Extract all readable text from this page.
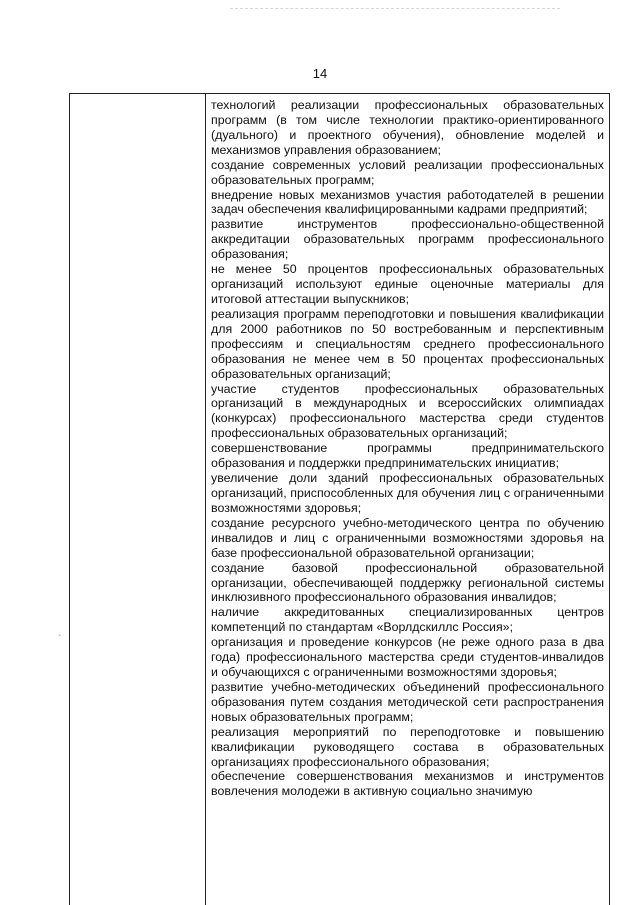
14
`

технологий реализации профессиональных образовательных программ (в том числе технологии практико-ориентированного (дуального) и проектного обучения), обновление моделей и механизмов управления образованием;

создание современных условий реализации профессиональных образовательных программ;

внедрение новых механизмов участия работодателей в решении задач обеспечения квалифицированными кадрами предприятий;

развитие инструментов профессионально-общественной аккредитации образовательных программ профессионального образования;

не менее 50 процентов профессиональных образовательных организаций используют единые оценочные материалы для итоговой аттестации выпускников;

реализация программ переподготовки и повышения квалификации для 2000 работников по 50 востребованным и перспективным профессиям и специальностям среднего профессионального образования не менее чем в 50 процентах профессиональных образовательных организаций;

участие студентов профессиональных образовательных организаций в международных и всероссийских олимпиадах (конкурсах) профессионального мастерства среди студентов профессиональных образовательных организаций;

совершенствование программы предпринимательского образования и поддержки предпринимательских инициатив;

увеличение доли зданий профессиональных образовательных организаций, приспособленных для обучения лиц с ограниченными возможностями здоровья;

создание ресурсного учебно-методического центра по обучению инвалидов и лиц с ограниченными возможностями здоровья на базе профессиональной образовательной организации;

создание базовой профессиональной образовательной организации, обеспечивающей поддержку региональной системы инклюзивного профессионального образования инвалидов;

наличие аккредитованных специализированных центров компетенций по стандартам «Ворлдскиллс Россия»;

организация и проведение конкурсов (не реже одного раза в два года) профессионального мастерства среди студентов-инвалидов и обучающихся с ограниченными возможностями здоровья;

развитие учебно-методических объединений профессионального образования путем создания методической сети распространения новых образовательных программ;

реализация мероприятий по переподготовке и повышению квалификации руководящего состава в образовательных организациях профессионального образования;

обеспечение совершенствования механизмов и инструментов вовлечения молодежи в активную социально значимую
